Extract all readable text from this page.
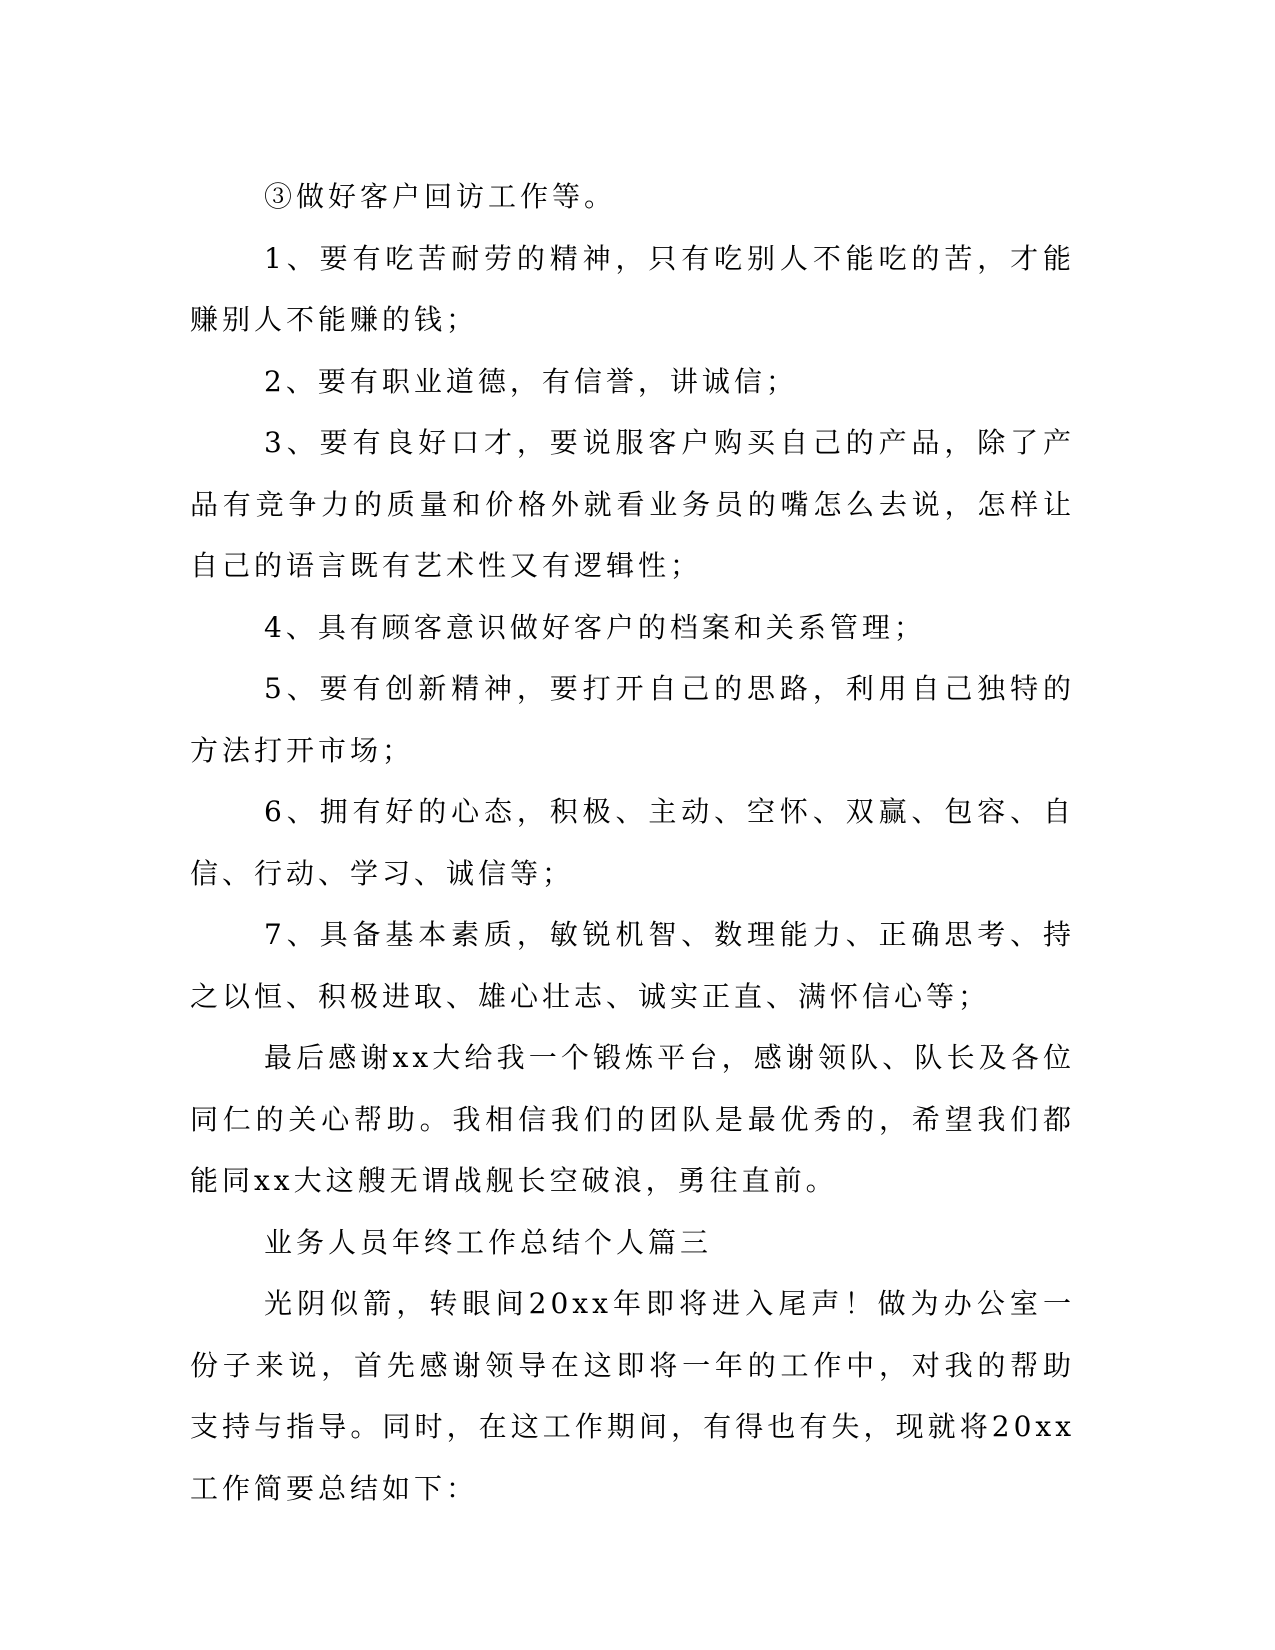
③做好客户回访工作等。

1、要有吃苦耐劳的精神，只有吃别人不能吃的苦，才能赚别人不能赚的钱；

2、要有职业道德，有信誉，讲诚信；

3、要有良好口才，要说服客户购买自己的产品，除了产品有竞争力的质量和价格外就看业务员的嘴怎么去说，怎样让自己的语言既有艺术性又有逻辑性；

4、具有顾客意识做好客户的档案和关系管理；

5、要有创新精神，要打开自己的思路，利用自己独特的方法打开市场；

6、拥有好的心态，积极、主动、空怀、双赢、包容、自信、行动、学习、诚信等；

7、具备基本素质，敏锐机智、数理能力、正确思考、持之以恒、积极进取、雄心壮志、诚实正直、满怀信心等；

最后感谢xx大给我一个锻炼平台，感谢领队、队长及各位同仁的关心帮助。我相信我们的团队是最优秀的，希望我们都能同xx大这艘无谓战舰长空破浪，勇往直前。

业务人员年终工作总结个人篇三

光阴似箭，转眼间20xx年即将进入尾声！做为办公室一份子来说，首先感谢领导在这即将一年的工作中，对我的帮助支持与指导。同时，在这工作期间，有得也有失，现就将20xx工作简要总结如下：
